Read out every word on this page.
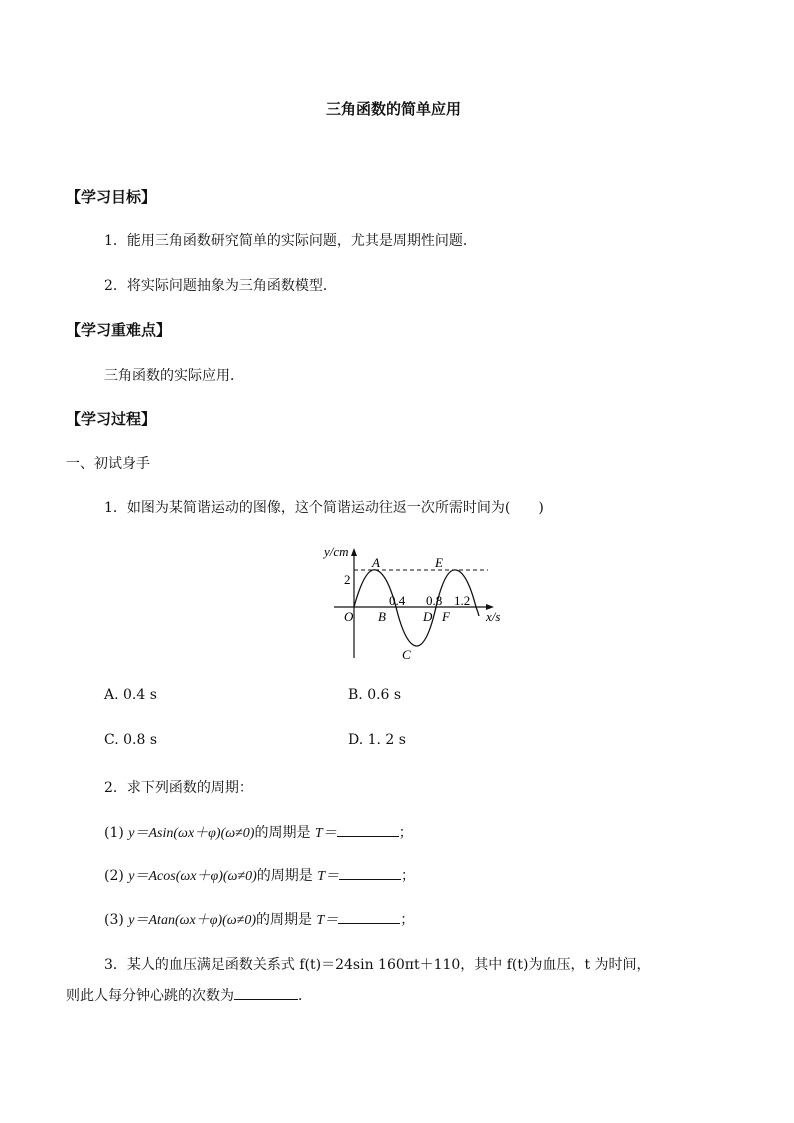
三角函数的简单应用
【学习目标】
1．能用三角函数研究简单的实际问题，尤其是周期性问题．
2．将实际问题抽象为三角函数模型．
【学习重难点】
三角函数的实际应用．
【学习过程】
一、初试身手
1．如图为某简谐运动的图像，这个简谐运动往返一次所需时间为(　　)
y/cm
2
O
A	E
0.4 0.8 1.2
B	D F
C
x/s
A. 0.4 s	B. 0.6 s
C. 0.8 s	D. 1. 2 s
2．求下列函数的周期：
(1) y＝Asin(ωx＋φ)(ω≠0)的周期是 T＝	；
(2) y＝Acos(ωx＋φ)(ω≠0)的周期是 T＝	；
(3) y＝Atan(ωx＋φ)(ω≠0)的周期是 T＝	；
3．某人的血压满足函数关系式 f(t)＝24sin 160πt＋110，其中 f(t)为血压，t 为时间，
则此人每分钟心跳的次数为	．
